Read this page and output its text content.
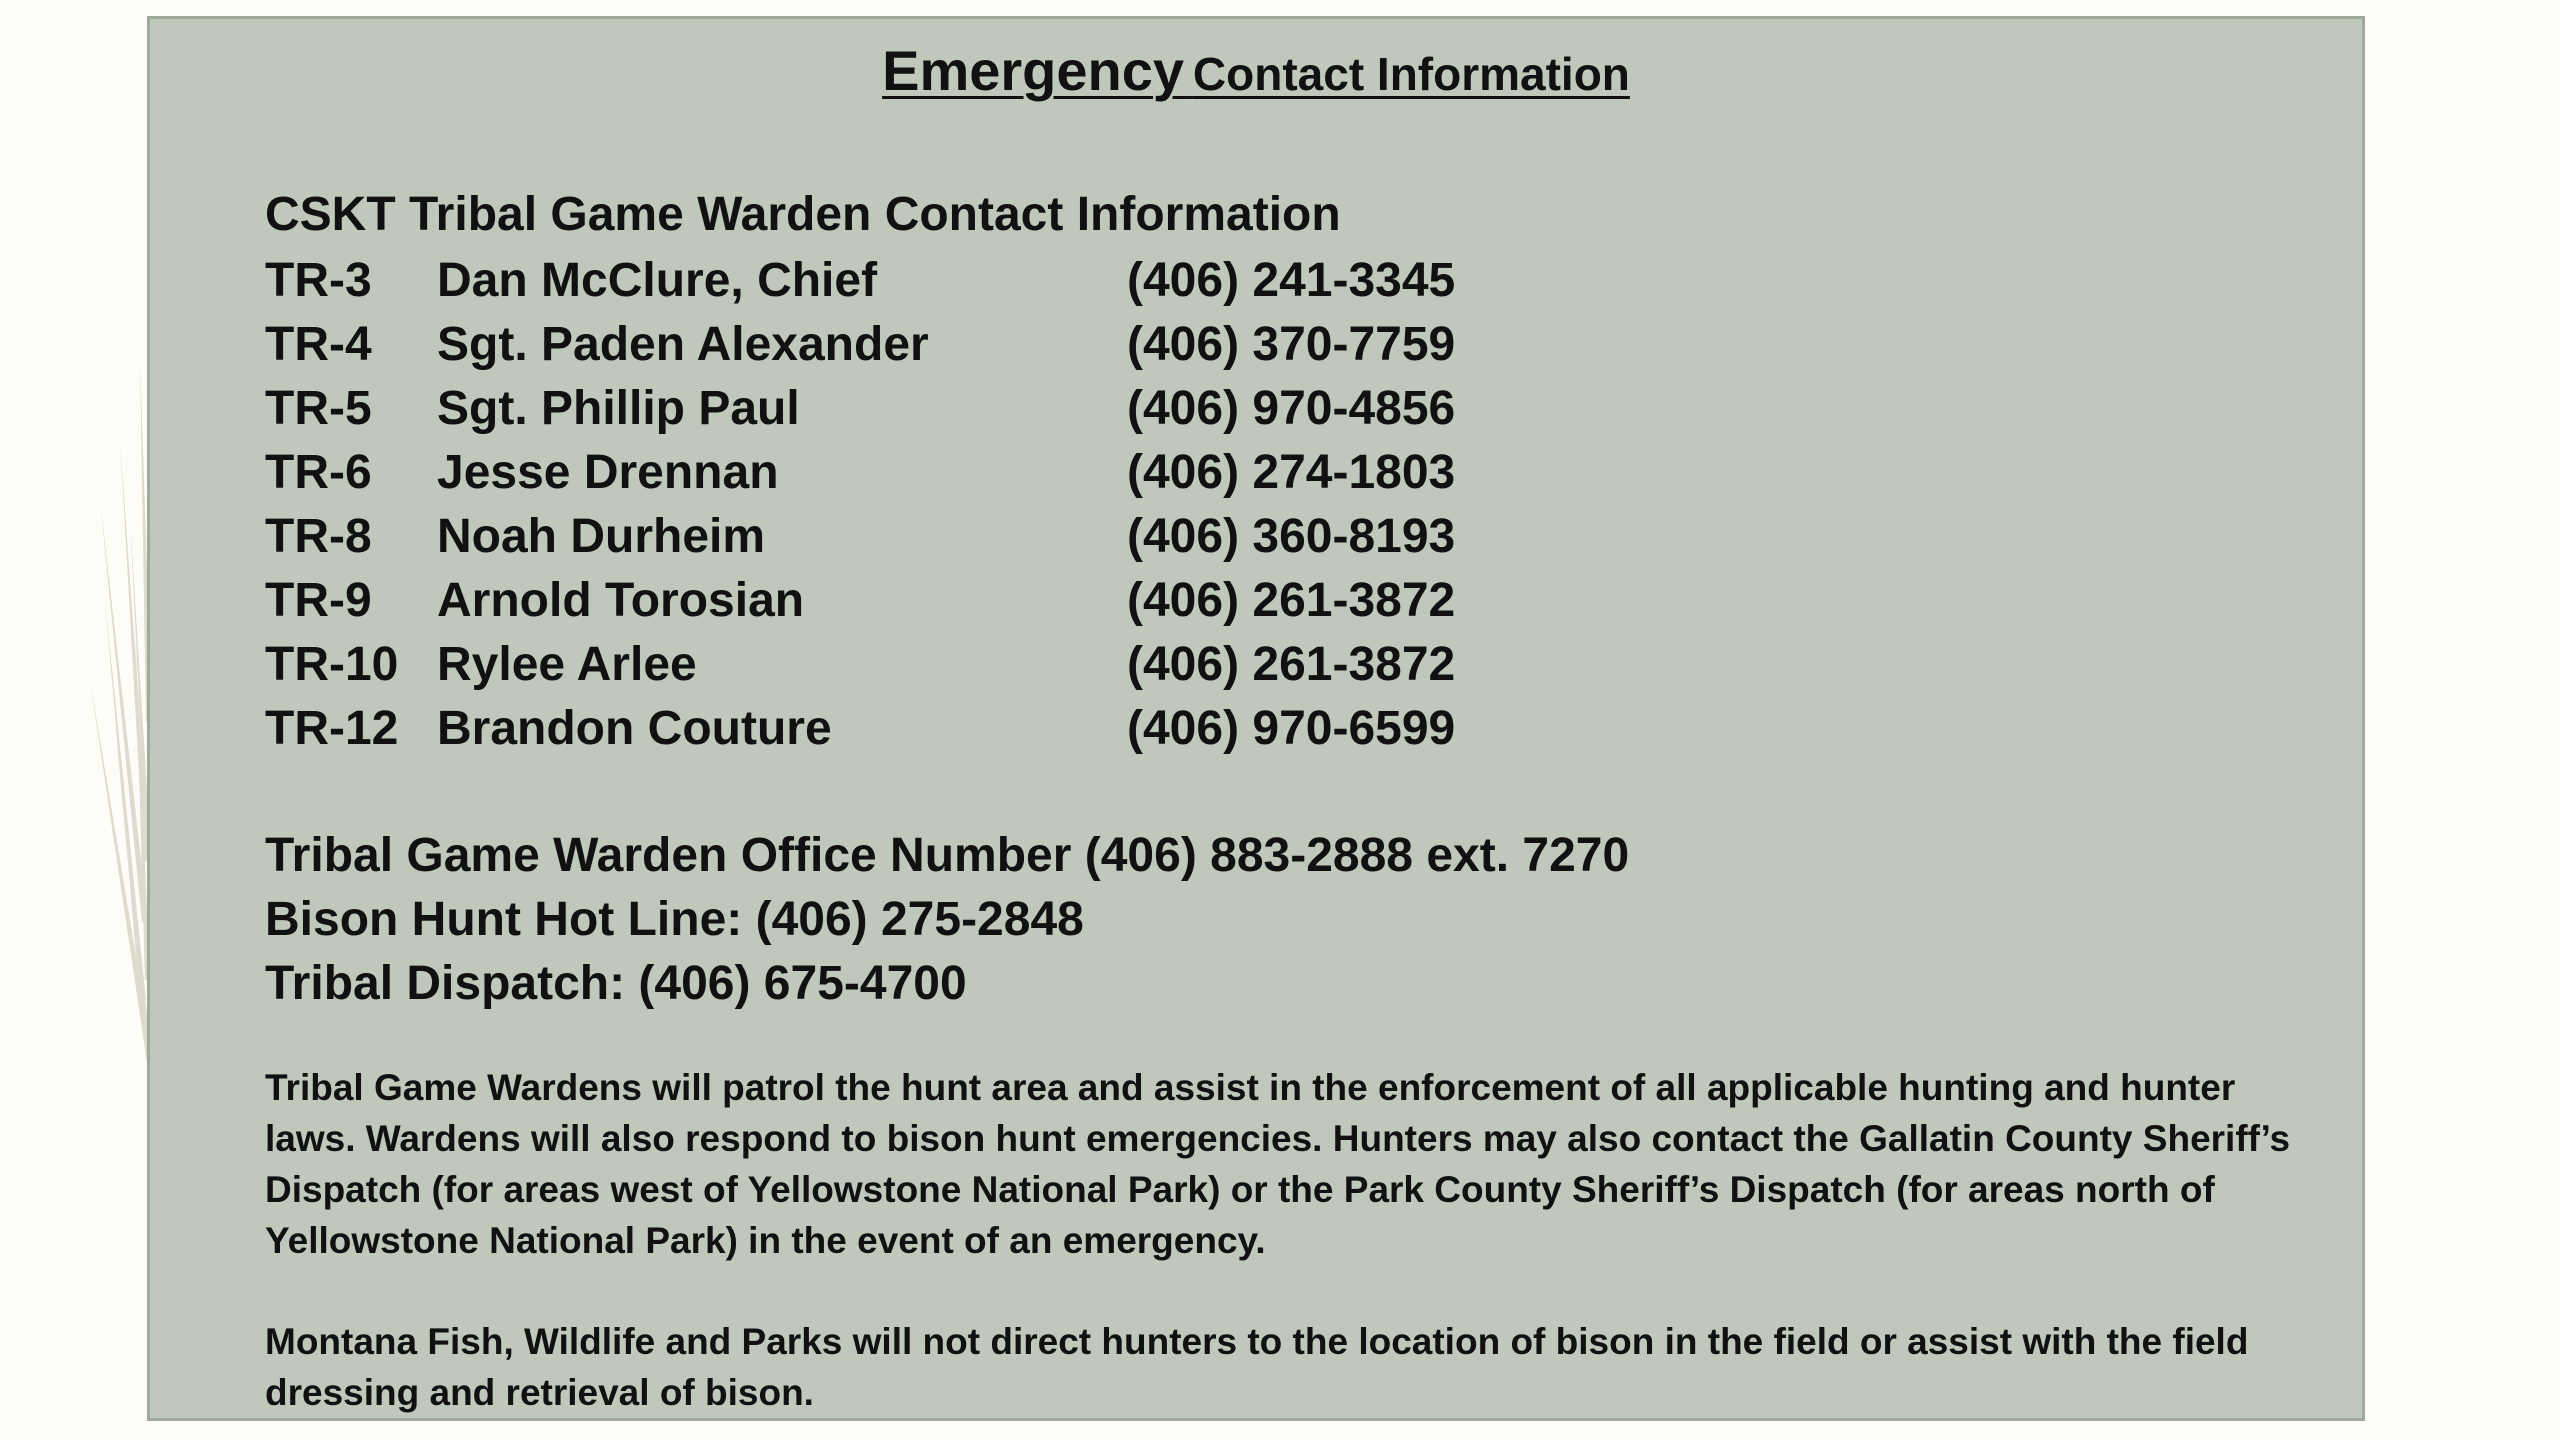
Emergency Contact Information
CSKT Tribal Game Warden Contact Information
TR-3 Dan McClure, Chief	(406) 241-3345
TR-4 Sgt. Paden Alexander	(406) 370-7759
TR-5 Sgt. Phillip Paul	(406) 970-4856
TR-6 Jesse Drennan	(406) 274-1803
TR-8 Noah Durheim	(406) 360-8193
TR-9 Arnold Torosian	(406) 261-3872
TR-10 Rylee Arlee	(406) 261-3872
TR-12 Brandon Couture	(406) 970-6599
Tribal Game Warden Office Number (406) 883-2888 ext. 7270
Bison Hunt Hot Line: (406) 275-2848
Tribal Dispatch: (406) 675-4700

Tribal Game Wardens will patrol the hunt area and assist in the enforcement of all applicable hunting and hunter laws. Wardens will also respond to bison hunt emergencies. Hunters may also contact the Gallatin County Sheriff’s Dispatch (for areas west of Yellowstone National Park) or the Park County Sheriff’s Dispatch (for areas north of Yellowstone National Park) in the event of an emergency.

Montana Fish, Wildlife and Parks will not direct hunters to the location of bison in the field or assist with the field dressing and retrieval of bison.
